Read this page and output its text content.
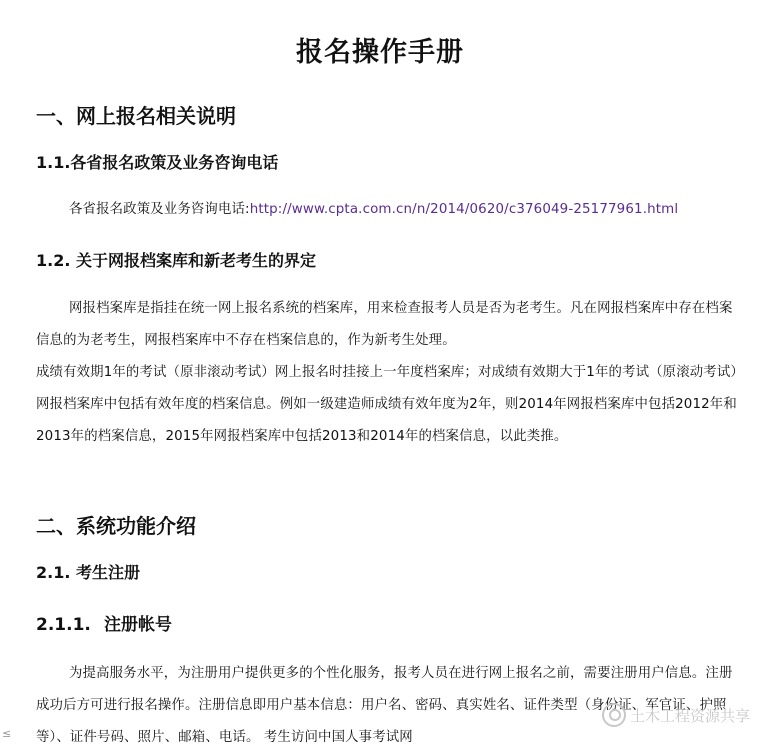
报名操作手册
一、网上报名相关说明
1.1.各省报名政策及业务咨询电话
各省报名政策及业务咨询电话:http://www.cpta.com.cn/n/2014/0620/c376049-25177961.html
1.2. 关于网报档案库和新老考生的界定
网报档案库是指挂在统一网上报名系统的档案库，用来检查报考人员是否为老考生。凡在网报档案库中存在档案信息的为老考生，网报档案库中不存在档案信息的，作为新考生处理。
成绩有效期1年的考试（原非滚动考试）网上报名时挂接上一年度档案库；对成绩有效期大于1年的考试（原滚动考试）网报档案库中包括有效年度的档案信息。例如一级建造师成绩有效年度为2年，则2014年网报档案库中包括2012年和2013年的档案信息，2015年网报档案库中包括2013和2014年的档案信息，以此类推。
二、系统功能介绍
2.1. 考生注册
2.1.1. 注册帐号
为提高服务水平，为注册用户提供更多的个性化服务，报考人员在进行网上报名之前，需要注册用户信息。注册成功后方可进行报名操作。注册信息即用户基本信息：用户名、密码、真实姓名、证件类型（身份证、军官证、护照等）、证件号码、照片、邮箱、电话。 考生访问中国人事考试网
土木工程资源共享
≤
